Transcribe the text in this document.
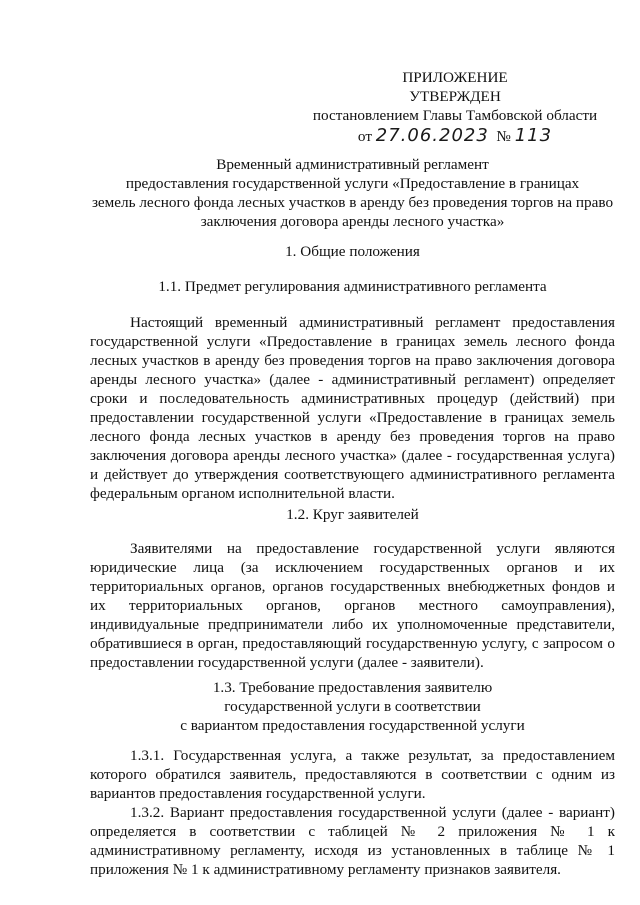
ПРИЛОЖЕНИЕ
УТВЕРЖДЕН
постановлением Главы Тамбовской области
от 27.06.2023 № 113
Временный административный регламент
предоставления государственной услуги «Предоставление в границах
земель лесного фонда лесных участков в аренду без проведения торгов на право
заключения договора аренды лесного участка»
1. Общие положения
1.1. Предмет регулирования административного регламента

Настоящий временный административный регламент предоставления государственной услуги «Предоставление в границах земель лесного фонда лесных участков в аренду без проведения торгов на право заключения договора аренды лесного участка» (далее - административный регламент) определяет сроки и последовательность административных процедур (действий) при предоставлении государственной услуги «Предоставление в границах земель лесного фонда лесных участков в аренду без проведения торгов на право заключения договора аренды лесного участка» (далее - государственная услуга) и действует до утверждения соответствующего административного регламента федеральным органом исполнительной власти.

1.2. Круг заявителей

Заявителями на предоставление государственной услуги являются юридические лица (за исключением государственных органов и их территориальных органов, органов государственных внебюджетных фондов и их территориальных органов, органов местного самоуправления), индивидуальные предприниматели либо их уполномоченные представители, обратившиеся в орган, предоставляющий государственную услугу, с запросом о предоставлении государственной услуги (далее - заявители).

1.3. Требование предоставления заявителю
государственной услуги в соответствии
с вариантом предоставления государственной услуги

1.3.1. Государственная услуга, а также результат, за предоставлением которого обратился заявитель, предоставляются в соответствии с одним из вариантов предоставления государственной услуги.

1.3.2. Вариант предоставления государственной услуги (далее - вариант) определяется в соответствии с таблицей № 2 приложения № 1 к административному регламенту, исходя из установленных в таблице № 1 приложения № 1 к административному регламенту признаков заявителя.
